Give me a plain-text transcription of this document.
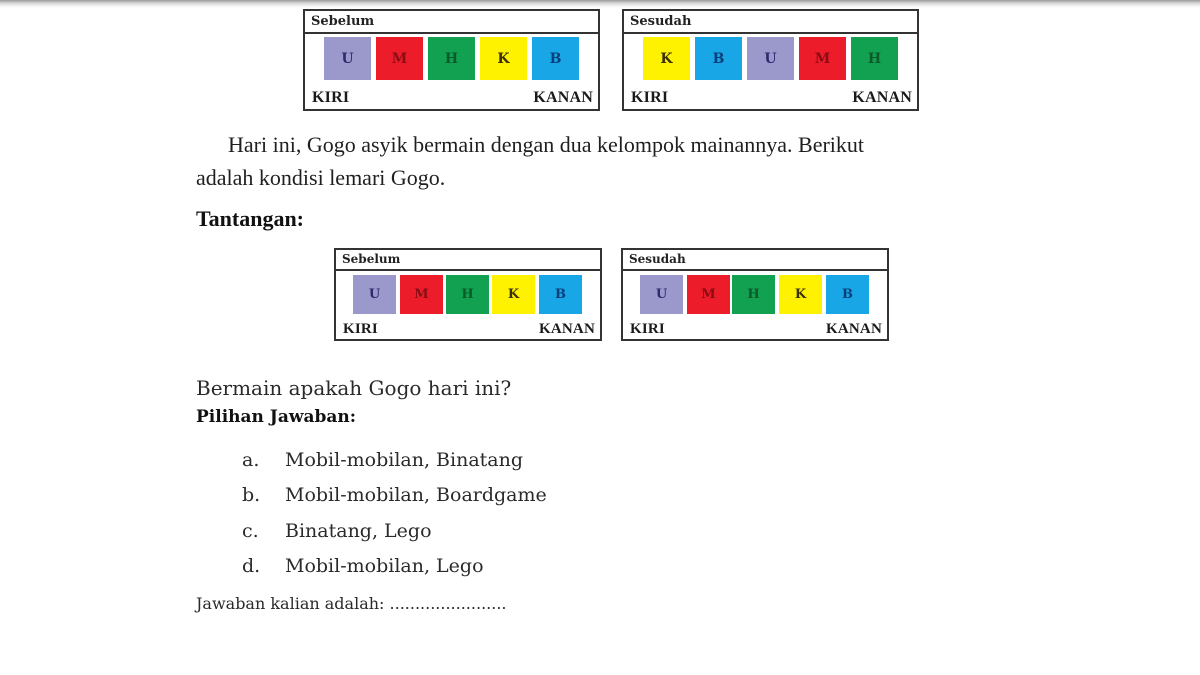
Sebelum
U	M	H	K	B
KIRI	KANAN
Sesudah
K	B	U	M	H
KIRI	KANAN
Hari ini, Gogo asyik bermain dengan dua kelompok mainannya. Berikut
adalah kondisi lemari Gogo.
Tantangan:
Sebelum
U	M	H	K	B
KIRI	KANAN
Sesudah
U	M	H	K	B
KIRI	KANAN
Bermain apakah Gogo hari ini?
Pilihan Jawaban:
a. Mobil-mobilan, Binatang
b. Mobil-mobilan, Boardgame
c. Binatang, Lego
d. Mobil-mobilan, Lego
Jawaban kalian adalah: .......................
